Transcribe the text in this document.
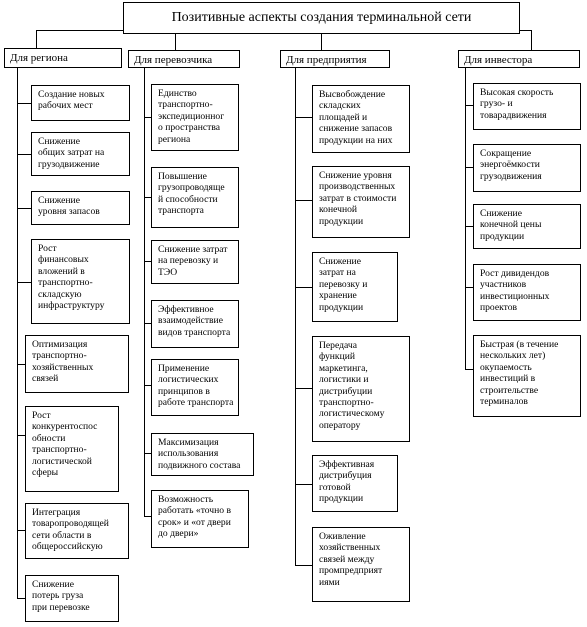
Позитивные аспекты создания терминальной сети
Для региона
Создание новых
рабочих мест
Снижение
общих затрат на
грузодвижение
Снижение
уровня запасов
Рост
финансовых
вложений в
транспортно-
складскую
инфраструктуру
Оптимизация
транспортно-
хозяйственных
связей
Рост
конкурентоспос
обности
транспортно-
логистической
сферы
Интеграция
товаропроводящей
сети области в
общероссийскую
Снижение
потерь груза
при перевозке
Для перевозчика
Единство
транспортно-
экспедиционног
о пространства
региона
Повышение
грузопроводяще
й способности
транспорта
Снижение затрат
на перевозку и
ТЭО
Эффективное
взаимодействие
видов транспорта
Применение
логистических
принципов в
работе транспорта
Максимизация
использования
подвижного состава
Возможность
работать «точно в
срок» и «от двери
до двери»
Для предприятия
Высвобождение
складских
площадей и
снижение запасов
продукции на них
Снижение уровня
производственных
затрат в стоимости
конечной
продукции
Снижение
затрат на
перевозку и
хранение
продукции
Передача
функций
маркетинга,
логистики и
дистрибуции
транспортно-
логистическому
оператору
Эффективная
дистрибуция
готовой
продукции
Оживление
хозяйственных
связей между
промпредприят
иями
Для инвестора
Высокая скорость
грузо- и
товарадвижения
Сокращение
энергоёмкости
грузодвижения
Снижение
конечной цены
продукции
Рост дивидендов
участников
инвестиционных
проектов
Быстрая (в течение
нескольких лет)
окупаемость
инвестиций в
строительстве
терминалов
